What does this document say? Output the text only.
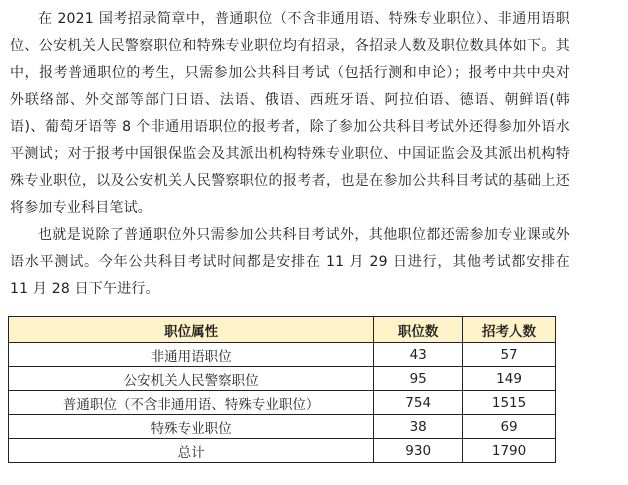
在 2021 国考招录简章中，普通职位（不含非通用语、特殊专业职位）、非通用语职位、公安机关人民警察职位和特殊专业职位均有招录，各招录人数及职位数具体如下。其中，报考普通职位的考生，只需参加公共科目考试（包括行测和申论）；报考中共中央对外联络部、外交部等部门日语、法语、俄语、西班牙语、阿拉伯语、德语、朝鲜语(韩语)、葡萄牙语等 8 个非通用语职位的报考者，除了参加公共科目考试外还得参加外语水平测试；对于报考中国银保监会及其派出机构特殊专业职位、中国证监会及其派出机构特殊专业职位，以及公安机关人民警察职位的报考者，也是在参加公共科目考试的基础上还将参加专业科目笔试。

也就是说除了普通职位外只需参加公共科目考试外，其他职位都还需参加专业课或外语水平测试。今年公共科目考试时间都是安排在 11 月 29 日进行，其他考试都安排在 11 月 28 日下午进行。

职位属性	职位数	招考人数
非通用语职位	43	57
公安机关人民警察职位	95	149
普通职位（不含非通用语、特殊专业职位）	754	1515
特殊专业职位	38	69
总计	930	1790
